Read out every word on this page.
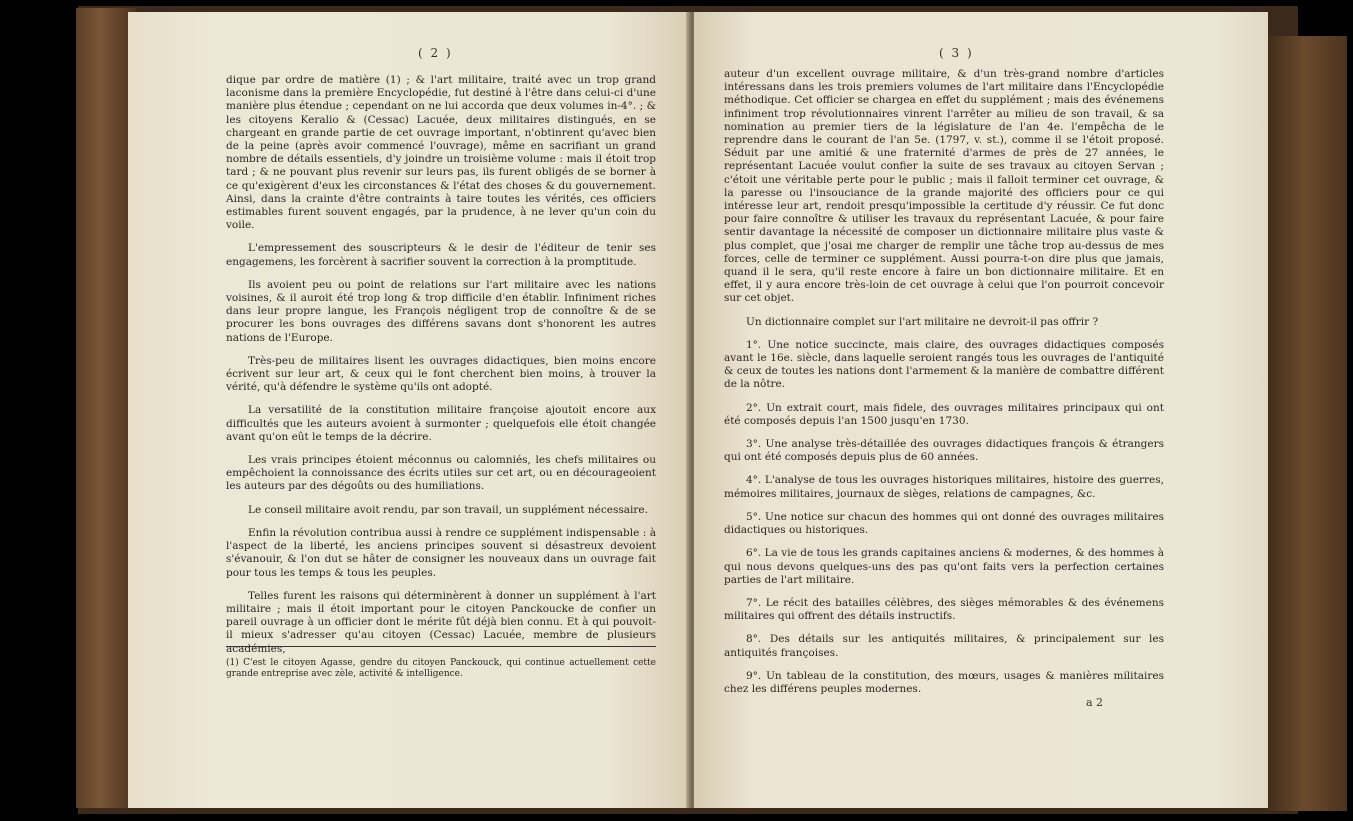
( 2 )

dique par ordre de matière (1) ; & l'art militaire, traité avec un trop grand laconisme dans la première Encyclopédie, fut destiné à l'être dans celui-ci d'une manière plus étendue ; cependant on ne lui accorda que deux volumes in-4°. ; & les citoyens Keralio & (Cessac) Lacuée, deux militaires distingués, en se chargeant en grande partie de cet ouvrage important, n'obtinrent qu'avec bien de la peine (après avoir commencé l'ouvrage), même en sacrifiant un grand nombre de détails essentiels, d'y joindre un troisième volume : mais il étoit trop tard ; & ne pouvant plus revenir sur leurs pas, ils furent obligés de se borner à ce qu'exigèrent d'eux les circonstances & l'état des choses & du gouvernement. Ainsi, dans la crainte d'être contraints à taire toutes les vérités, ces officiers estimables furent souvent engagés, par la prudence, à ne lever qu'un coin du voile.

L'empressement des souscripteurs & le desir de l'éditeur de tenir ses engagemens, les forcèrent à sacrifier souvent la correction à la promptitude.

Ils avoient peu ou point de relations sur l'art militaire avec les nations voisines, & il auroit été trop long & trop difficile d'en établir. Infiniment riches dans leur propre langue, les François négligent trop de connoître & de se procurer les bons ouvrages des différens savans dont s'honorent les autres nations de l'Europe.

Très-peu de militaires lisent les ouvrages didactiques, bien moins encore écrivent sur leur art, & ceux qui le font cherchent bien moins, à trouver la vérité, qu'à défendre le système qu'ils ont adopté.

La versatilité de la constitution militaire françoise ajoutoit encore aux difficultés que les auteurs avoient à surmonter ; quelquefois elle étoit changée avant qu'on eût le temps de la décrire.

Les vrais principes étoient méconnus ou calomniés, les chefs militaires ou empêchoient la connoissance des écrits utiles sur cet art, ou en décourageoient les auteurs par des dégoûts ou des humiliations.

Le conseil militaire avoit rendu, par son travail, un supplément nécessaire.

Enfin la révolution contribua aussi à rendre ce supplément indispensable : à l'aspect de la liberté, les anciens principes souvent si désastreux devoient s'évanouir, & l'on dut se hâter de consigner les nouveaux dans un ouvrage fait pour tous les temps & tous les peuples.

Telles furent les raisons qui déterminèrent à donner un supplément à l'art militaire ; mais il étoit important pour le citoyen Panckoucke de confier un pareil ouvrage à un officier dont le mérite fût déjà bien connu. Et à qui pouvoit-il mieux s'adresser qu'au citoyen (Cessac) Lacuée, membre de plusieurs académies,

(1) C'est le citoyen Agasse, gendre du citoyen Panckouck, qui continue actuellement cette grande entreprise avec zèle, activité & intelligence.
( 3 )

auteur d'un excellent ouvrage militaire, & d'un très-grand nombre d'articles intéressans dans les trois premiers volumes de l'art militaire dans l'Encyclopédie méthodique. Cet officier se chargea en effet du supplément ; mais des événemens infiniment trop révolutionnaires vinrent l'arrêter au milieu de son travail, & sa nomination au premier tiers de la législature de l'an 4e. l'empêcha de le reprendre dans le courant de l'an 5e. (1797, v. st.), comme il se l'étoit proposé. Séduit par une amitié & une fraternité d'armes de près de 27 années, le représentant Lacuée voulut confier la suite de ses travaux au citoyen Servan ; c'étoit une véritable perte pour le public ; mais il falloit terminer cet ouvrage, & la paresse ou l'insouciance de la grande majorité des officiers pour ce qui intéresse leur art, rendoit presqu'impossible la certitude d'y réussir. Ce fut donc pour faire connoître & utiliser les travaux du représentant Lacuée, & pour faire sentir davantage la nécessité de composer un dictionnaire militaire plus vaste & plus complet, que j'osai me charger de remplir une tâche trop au-dessus de mes forces, celle de terminer ce supplément. Aussi pourra-t-on dire plus que jamais, quand il le sera, qu'il reste encore à faire un bon dictionnaire militaire. Et en effet, il y aura encore très-loin de cet ouvrage à celui que l'on pourroit concevoir sur cet objet.

Un dictionnaire complet sur l'art militaire ne devroit-il pas offrir ?

1°. Une notice succincte, mais claire, des ouvrages didactiques composés avant le 16e. siècle, dans laquelle seroient rangés tous les ouvrages de l'antiquité & ceux de toutes les nations dont l'armement & la manière de combattre différent de la nôtre.

2°. Un extrait court, mais fidele, des ouvrages militaires principaux qui ont été composés depuis l'an 1500 jusqu'en 1730.

3°. Une analyse très-détaillée des ouvrages didactiques françois & étrangers qui ont été composés depuis plus de 60 années.

4°. L'analyse de tous les ouvrages historiques militaires, histoire des guerres, mémoires militaires, journaux de sièges, relations de campagnes, &c.

5°. Une notice sur chacun des hommes qui ont donné des ouvrages militaires didactiques ou historiques.

6°. La vie de tous les grands capitaines anciens & modernes, & des hommes à qui nous devons quelques-uns des pas qu'ont faits vers la perfection certaines parties de l'art militaire.

7°. Le récit des batailles célèbres, des sièges mémorables & des événemens militaires qui offrent des détails instructifs.

8°. Des détails sur les antiquités militaires, & principalement sur les antiquités françoises.

9°. Un tableau de la constitution, des mœurs, usages & manières militaires chez les différens peuples modernes.

a 2
